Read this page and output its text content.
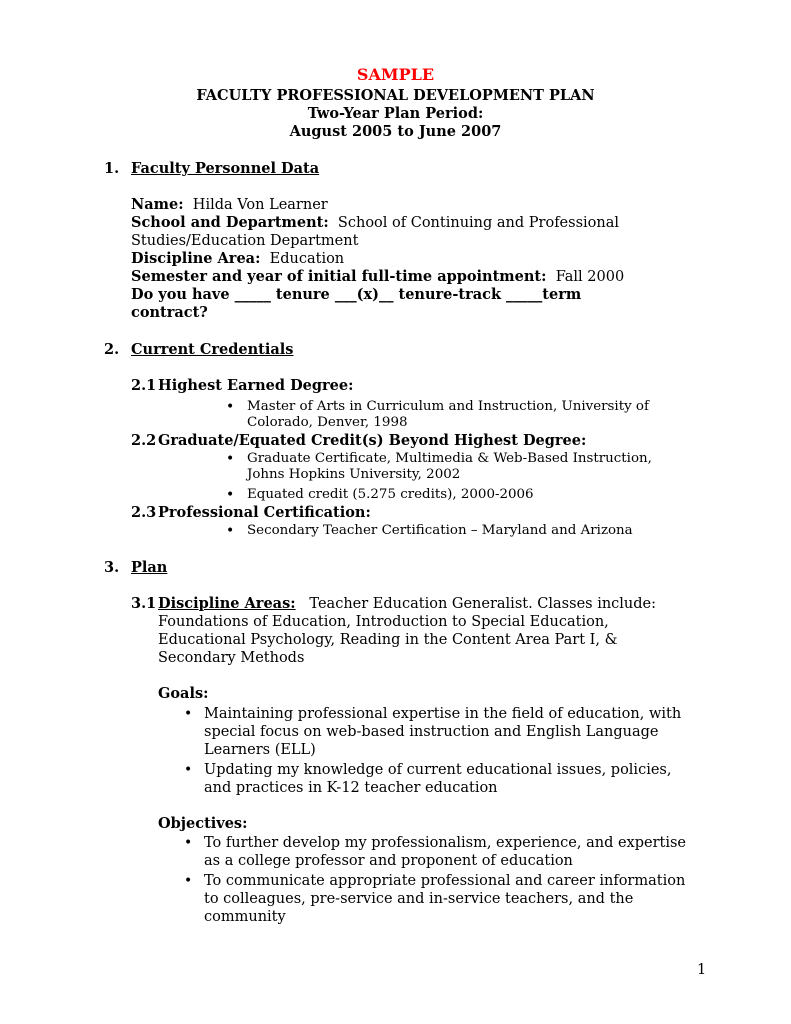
SAMPLE
FACULTY PROFESSIONAL DEVELOPMENT PLAN
Two-Year Plan Period:
August 2005 to June 2007
1. Faculty Personnel Data
Name: Hilda Von Learner
School and Department: School of Continuing and Professional
Studies/Education Department
Discipline Area: Education
Semester and year of initial full-time appointment: Fall 2000
Do you have _____ tenure ___(x)__ tenure-track _____term
contract?
2. Current Credentials
2.1 Highest Earned Degree:
• Master of Arts in Curriculum and Instruction, University of
Colorado, Denver, 1998
2.2 Graduate/Equated Credit(s) Beyond Highest Degree:
• Graduate Certificate, Multimedia & Web-Based Instruction,
Johns Hopkins University, 2002
• Equated credit (5.275 credits), 2000-2006
2.3 Professional Certification:
• Secondary Teacher Certification – Maryland and Arizona
3. Plan
3.1 Discipline Areas: Teacher Education Generalist. Classes include:
Foundations of Education, Introduction to Special Education,
Educational Psychology, Reading in the Content Area Part I, &
Secondary Methods
Goals:
• Maintaining professional expertise in the field of education, with
special focus on web-based instruction and English Language
Learners (ELL)
• Updating my knowledge of current educational issues, policies,
and practices in K-12 teacher education
Objectives:
• To further develop my professionalism, experience, and expertise
as a college professor and proponent of education
• To communicate appropriate professional and career information
to colleagues, pre-service and in-service teachers, and the
community
1
